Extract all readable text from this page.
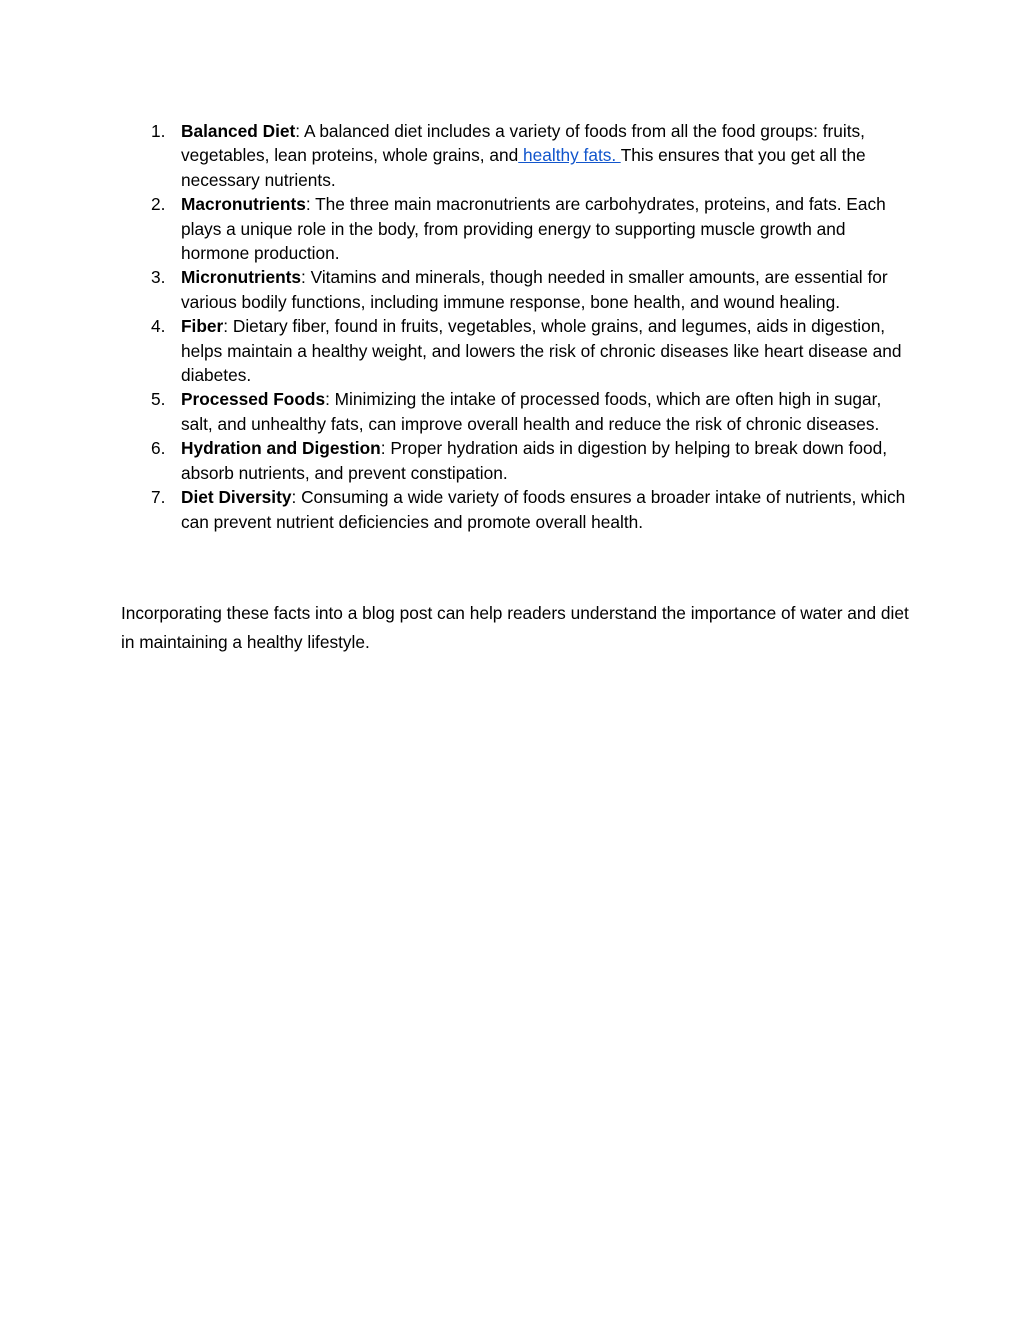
1. Balanced Diet: A balanced diet includes a variety of foods from all the food groups: fruits, vegetables, lean proteins, whole grains, and healthy fats. This ensures that you get all the necessary nutrients.
2. Macronutrients: The three main macronutrients are carbohydrates, proteins, and fats. Each plays a unique role in the body, from providing energy to supporting muscle growth and hormone production.
3. Micronutrients: Vitamins and minerals, though needed in smaller amounts, are essential for various bodily functions, including immune response, bone health, and wound healing.
4. Fiber: Dietary fiber, found in fruits, vegetables, whole grains, and legumes, aids in digestion, helps maintain a healthy weight, and lowers the risk of chronic diseases like heart disease and diabetes.
5. Processed Foods: Minimizing the intake of processed foods, which are often high in sugar, salt, and unhealthy fats, can improve overall health and reduce the risk of chronic diseases.
6. Hydration and Digestion: Proper hydration aids in digestion by helping to break down food, absorb nutrients, and prevent constipation.
7. Diet Diversity: Consuming a wide variety of foods ensures a broader intake of nutrients, which can prevent nutrient deficiencies and promote overall health.

Incorporating these facts into a blog post can help readers understand the importance of water and diet in maintaining a healthy lifestyle.
